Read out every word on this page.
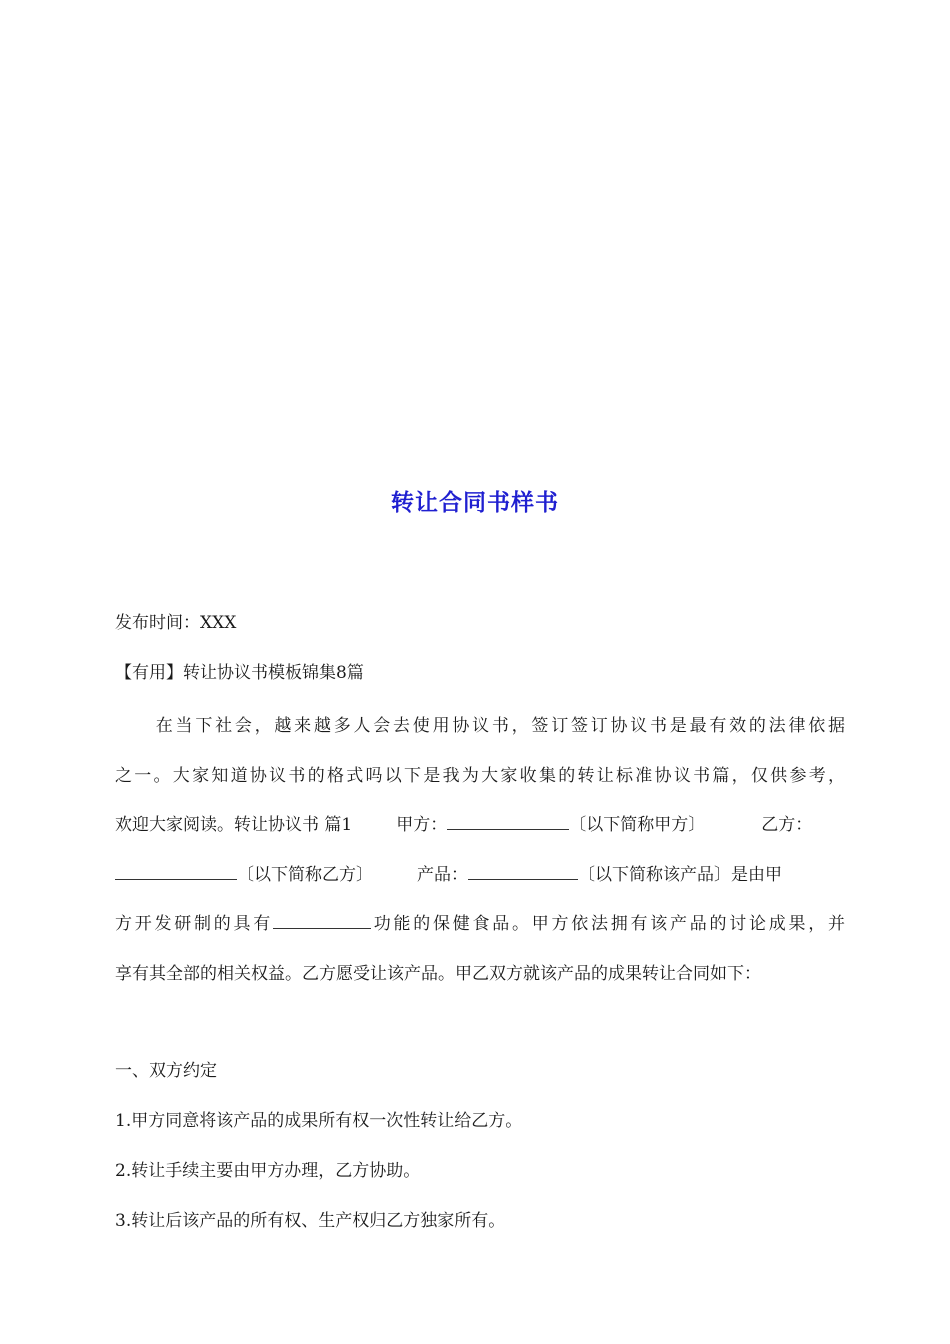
转让合同书样书
发布时间：XXX
【有用】转让协议书模板锦集8篇
在当下社会，越来越多人会去使用协议书，签订签订协议书是最有效的法律依据
之一。大家知道协议书的格式吗以下是我为大家收集的转让标准协议书篇，仅供参考，
欢迎大家阅读。转让协议书 篇1	甲方：	〔以下简称甲方〕	乙方：
〔以下简称乙方〕	产品：	〔以下简称该产品〕是由甲
方开发研制的具有	功能的保健食品。甲方依法拥有该产品的讨论成果，并
享有其全部的相关权益。乙方愿受让该产品。甲乙双方就该产品的成果转让合同如下：
一、双方约定
1.甲方同意将该产品的成果所有权一次性转让给乙方。
2.转让手续主要由甲方办理，乙方协助。
3.转让后该产品的所有权、生产权归乙方独家所有。
